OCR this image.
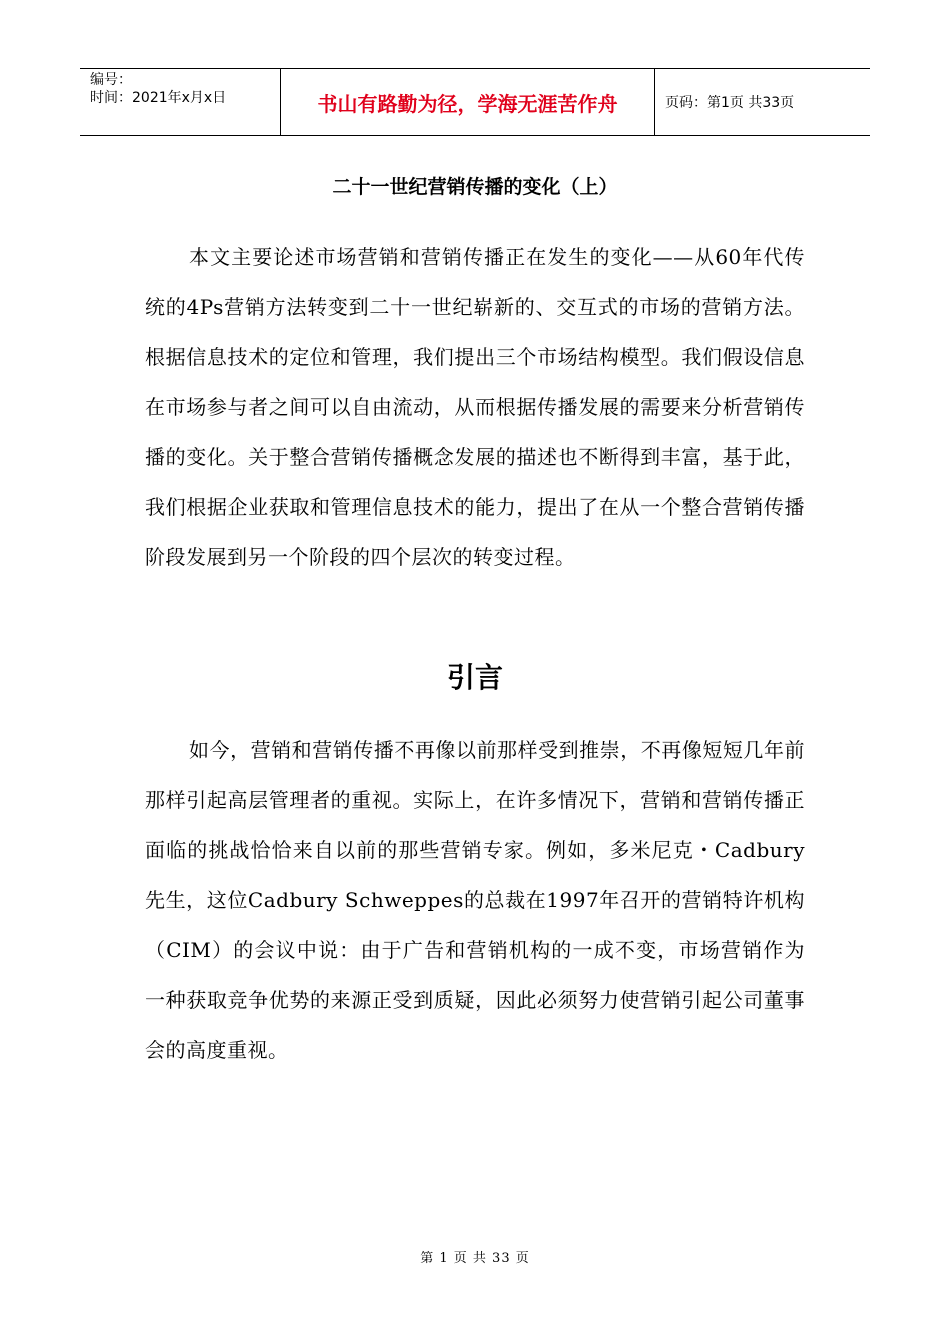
编号：
时间：2021年x月x日	书山有路勤为径，学海无涯苦作舟	页码：第1页 共33页
二十一世纪营销传播的变化（上）

本文主要论述市场营销和营销传播正在发生的变化——从60年代传统的4Ps营销方法转变到二十一世纪崭新的、交互式的市场的营销方法。根据信息技术的定位和管理，我们提出三个市场结构模型。我们假设信息在市场参与者之间可以自由流动，从而根据传播发展的需要来分析营销传播的变化。关于整合营销传播概念发展的描述也不断得到丰富，基于此，我们根据企业获取和管理信息技术的能力，提出了在从一个整合营销传播阶段发展到另一个阶段的四个层次的转变过程。

引言

如今，营销和营销传播不再像以前那样受到推崇，不再像短短几年前那样引起高层管理者的重视。实际上，在许多情况下，营销和营销传播正面临的挑战恰恰来自以前的那些营销专家。例如，多米尼克・Cadbury 先生，这位Cadbury Schweppes的总裁在1997年召开的营销特许机构（CIM）的会议中说：由于广告和营销机构的一成不变，市场营销作为一种获取竞争优势的来源正受到质疑，因此必须努力使营销引起公司董事会的高度重视。

第 1 页 共 33 页
